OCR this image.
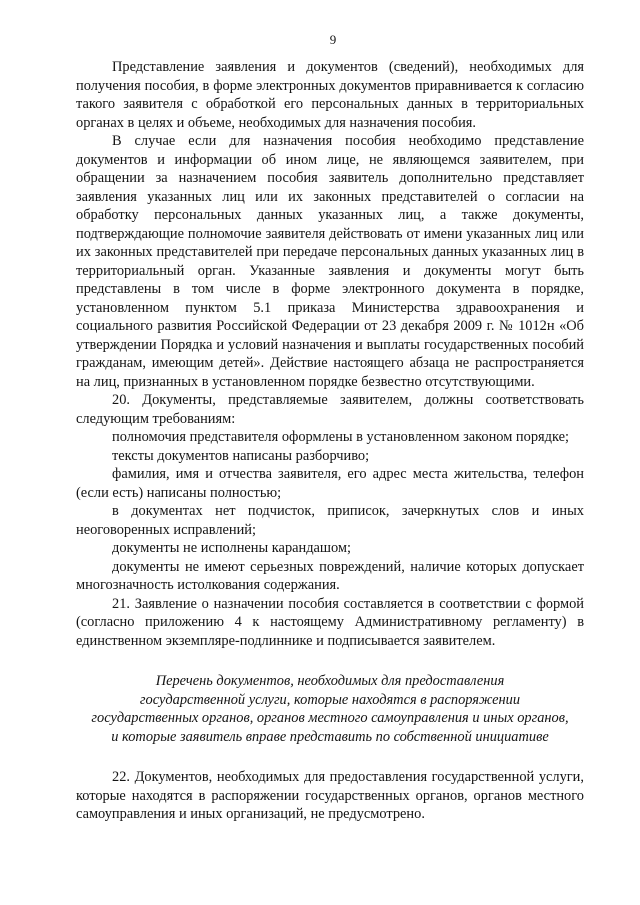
9

Представление заявления и документов (сведений), необходимых для получения пособия, в форме электронных документов приравнивается к согласию такого заявителя с обработкой его персональных данных в территориальных органах в целях и объеме, необходимых для назначения пособия.

В случае если для назначения пособия необходимо представление документов и информации об ином лице, не являющемся заявителем, при обращении за назначением пособия заявитель дополнительно представляет заявления указанных лиц или их законных представителей о согласии на обработку персональных данных указанных лиц, а также документы, подтверждающие полномочие заявителя действовать от имени указанных лиц или их законных представителей при передаче персональных данных указанных лиц в территориальный орган. Указанные заявления и документы могут быть представлены в том числе в форме электронного документа в порядке, установленном пунктом 5.1 приказа Министерства здравоохранения и социального развития Российской Федерации от 23 декабря 2009 г. № 1012н «Об утверждении Порядка и условий назначения и выплаты государственных пособий гражданам, имеющим детей». Действие настоящего абзаца не распространяется на лиц, признанных в установленном порядке безвестно отсутствующими.

20. Документы, представляемые заявителем, должны соответствовать следующим требованиям:

полномочия представителя оформлены в установленном законом порядке;

тексты документов написаны разборчиво;

фамилия, имя и отчества заявителя, его адрес места жительства, телефон (если есть) написаны полностью;

в документах нет подчисток, приписок, зачеркнутых слов и иных неоговоренных исправлений;

документы не исполнены карандашом;

документы не имеют серьезных повреждений, наличие которых допускает многозначность истолкования содержания.

21. Заявление о назначении пособия составляется в соответствии с формой (согласно приложению 4 к настоящему Административному регламенту) в единственном экземпляре-подлиннике и подписывается заявителем.

Перечень документов, необходимых для предоставления
государственной услуги, которые находятся в распоряжении
государственных органов, органов местного самоуправления и иных органов,
и которые заявитель вправе представить по собственной инициативе

22. Документов, необходимых для предоставления государственной услуги, которые находятся в распоряжении государственных органов, органов местного самоуправления и иных организаций, не предусмотрено.
